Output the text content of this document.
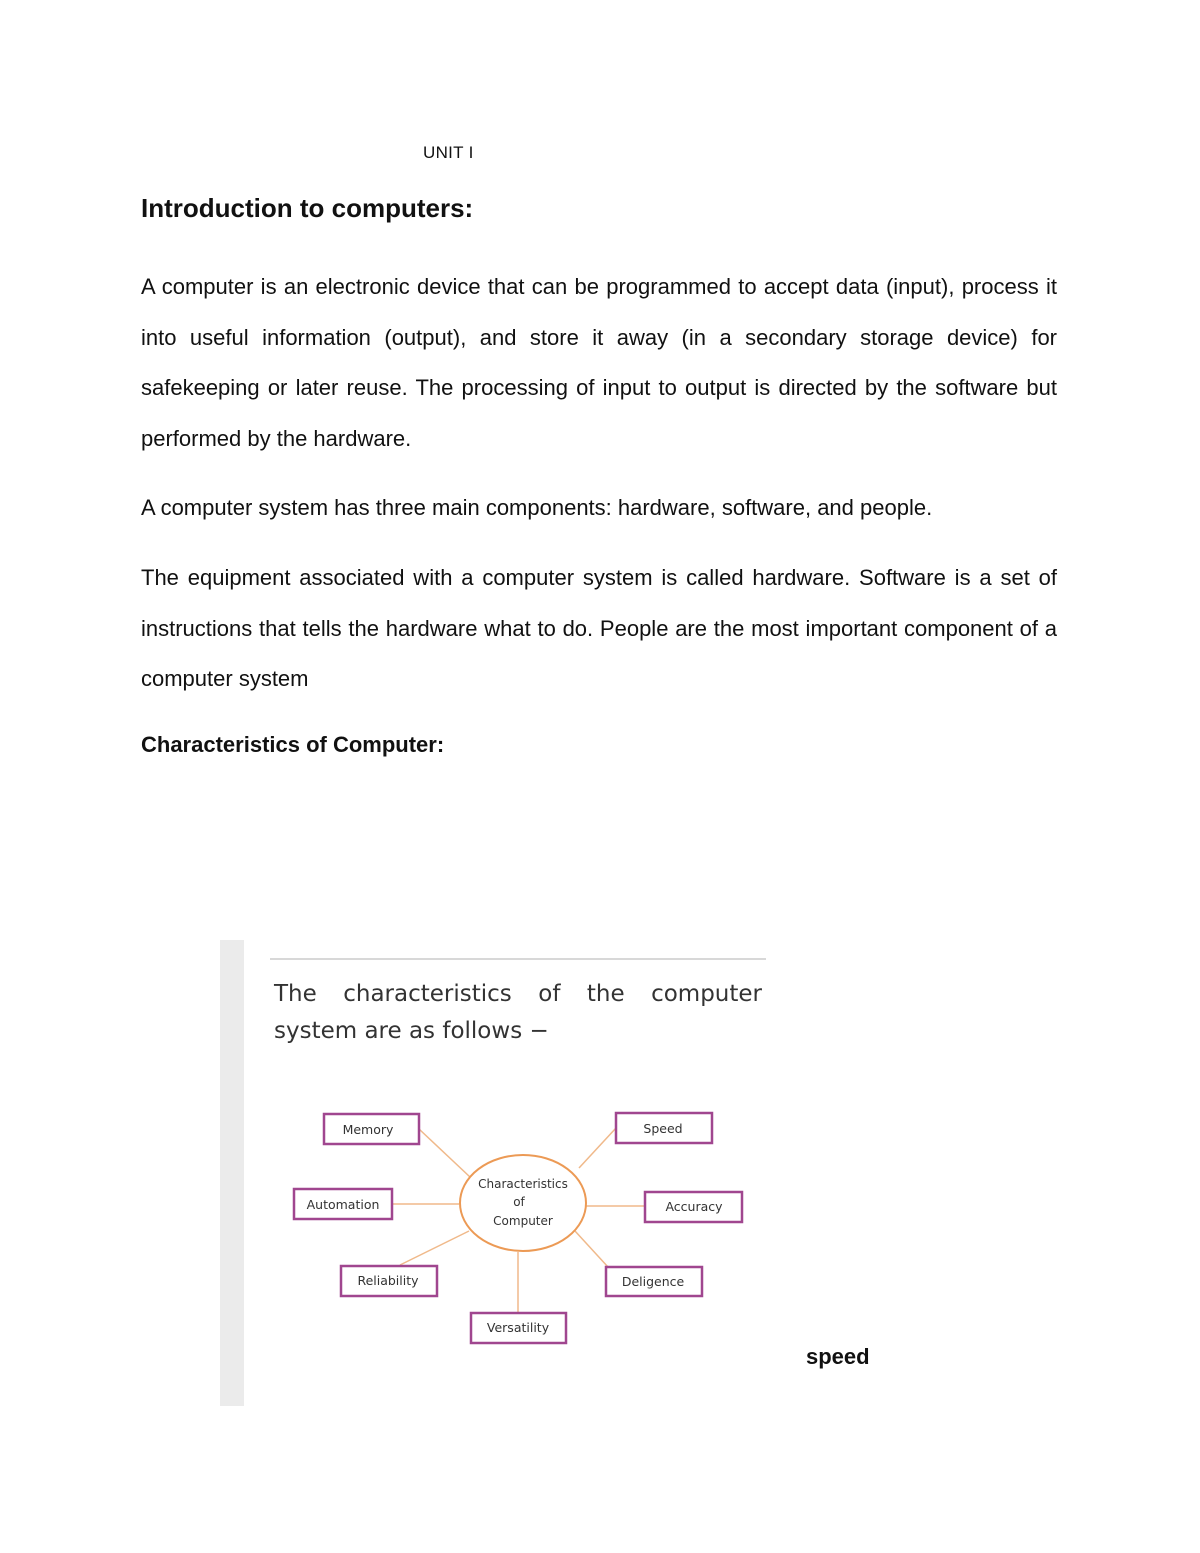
UNIT I
Introduction to computers:

A computer is an electronic device that can be programmed to accept data (input), process it into useful information (output), and store it away (in a secondary storage device) for safekeeping or later reuse. The processing of input to output is directed by the software but performed by the hardware.

A computer system has three main components: hardware, software, and people.

The equipment associated with a computer system is called hardware. Software is a set of instructions that tells the hardware what to do. People are the most important component of a computer system

Characteristics of Computer:
The characteristics of the computer system are as follows −
Characteristics
of
Computer
Memory	Speed
Automation	Accuracy
Reliability	Deligence
Versatility
speed
